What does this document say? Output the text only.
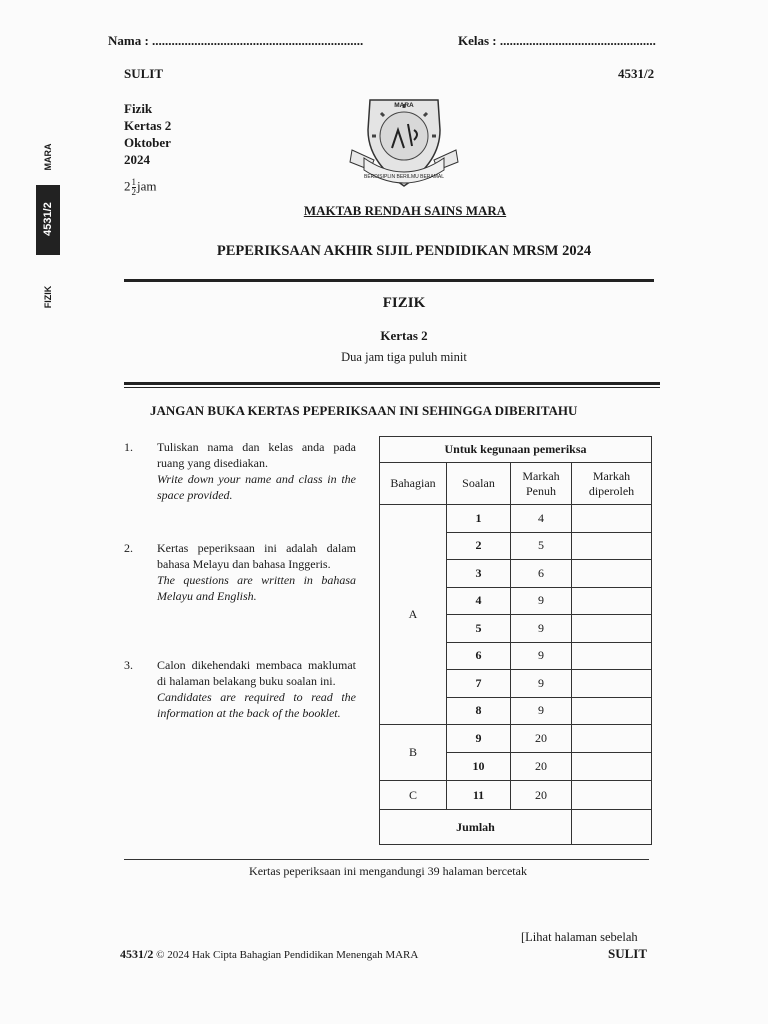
Nama : .................................................................	Kelas : ................................................
SULIT	4531/2
Fizik
Kertas 2
Oktober
2024
$2 \frac{1}{2}$ jam
BERDISIPLIN BERILMU BERAMAL
MARA
MAKTAB RENDAH SAINS MARA
PEPERIKSAAN AKHIR SIJIL PENDIDIKAN MRSM 2024
FIZIK
Kertas 2
Dua jam tiga puluh minit
JANGAN BUKA KERTAS PEPERIKSAAN INI SEHINGGA DIBERITAHU
1. Tuliskan nama dan kelas anda pada ruang yang disediakan.
Write down your name and class in the space provided.
2. Kertas peperiksaan ini adalah dalam bahasa Melayu dan bahasa Inggeris.
The questions are written in bahasa Melayu and English.
3. Calon dikehendaki membaca maklumat di halaman belakang buku soalan ini.
Candidates are required to read the information at the back of the booklet.
Untuk kegunaan pemeriksa			
Bahagian	Soalan	Markah Penuh	Markah diperoleh
A	1	4	
	2	5	
	3	6	
	4	9	
	5	9	
	6	9	
	7	9	
	8	9	
B	9	20	
	10	20	
C	11	20	
Jumlah			
MARA
4531/2
FIZIK
Kertas peperiksaan ini mengandungi 39 halaman bercetak
4531/2 © 2024 Hak Cipta Bahagian Pendidikan Menengah MARA
[Lihat halaman sebelah
SULIT
